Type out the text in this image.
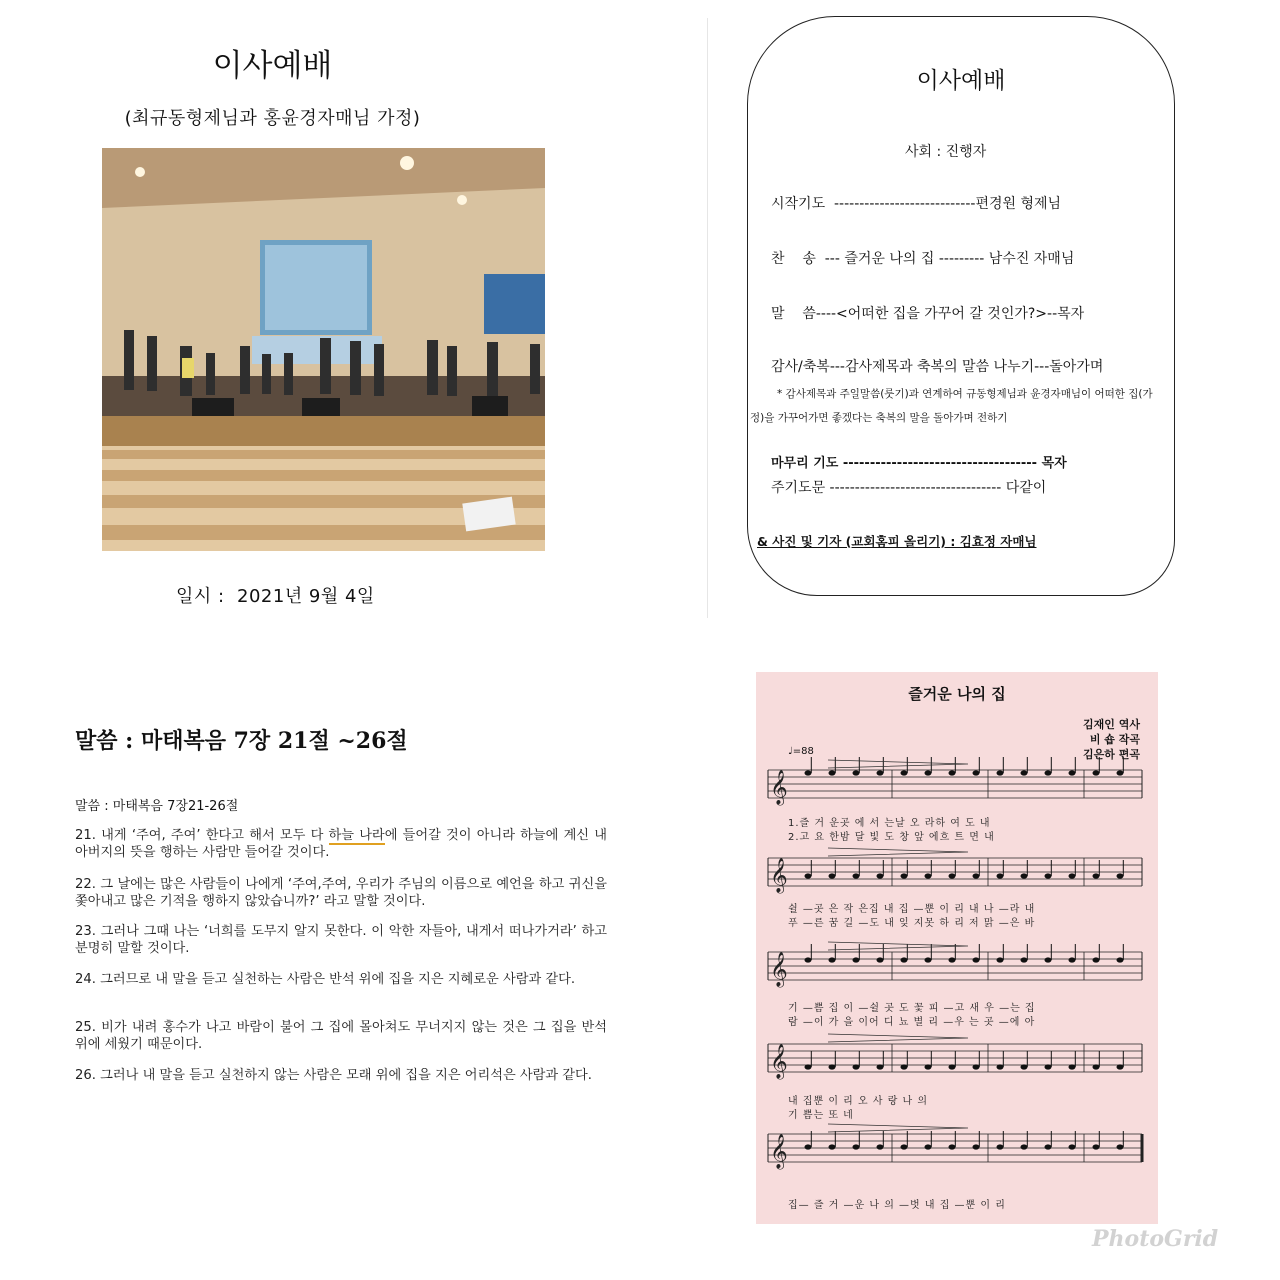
이사예배
(최규동형제님과 홍윤경자매님 가정)
일시 :  2021년 9월 4일
이사예배
사회 : 진행자
시작기도  ----------------------------편경원 형제님
찬    송  --- 즐거운 나의 집 --------- 남수진 자매님
말    씀----<어떠한 집을 가꾸어 갈 것인가?>--목자
감사/축복---감사제목과 축복의 말씀 나누기---돌아가며
* 감사제목과 주일말씀(룻기)과 연계하여 규동형제님과 윤경자매님이 어떠한 집(가
정)을 가꾸어가면 좋겠다는 축복의 말을 돌아가며 전하기
마무리 기도 ------------------------------------ 목자
주기도문 ---------------------------------- 다같이
& 사진 및 기자 (교회홈피 올리기) : 김효정 자매님
말씀 : 마태복음 7장 21절 ~26절
말씀 : 마태복음 7장21-26절
21. 내게 ‘주여, 주여’ 한다고 해서 모두 다 하늘 나라에 들어갈 것이 아니라 하늘에 계신 내 아버지의 뜻을 행하는 사람만 들어갈 것이다.
22. 그 날에는 많은 사람들이 나에게 ‘주여,주여, 우리가 주님의 이름으로 예언을 하고 귀신을 쫓아내고 많은 기적을 행하지 않았습니까?’ 라고 말할 것이다.
23. 그러나 그때 나는 ‘너희를 도무지 알지 못한다. 이 악한 자들아, 내게서 떠나가거라’ 하고 분명히 말할 것이다.
24. 그러므로 내 말을 듣고 실천하는 사람은 반석 위에 집을 지은 지혜로운 사람과 같다.
25. 비가 내려 홍수가 나고 바람이 불어 그 집에 몰아쳐도 무너지지 않는 것은 그 집을 반석 위에 세웠기 때문이다.
26. 그러나 내 말을 듣고 실천하지 않는 사람은 모래 위에 집을 지은 어리석은 사람과 같다.
𝄞
𝄞
𝄞
𝄞
𝄞
즐거운 나의 집
김재인 역사
비 숍 작곡
김은하 편곡
♩=88
1.즐 거 운곳 에 서 는날 오 라하 여 도 내
2.고 요 한밤 달 빛 도 창 앞 에흐 트 면 내
쉴 —곳 은 작 은집 내 집 —뿐 이 리 내 나 —라 내
푸 —른 꿈 길 —도 내 잊 지못 하 리 저 맑 —은 바
기 —쁨 집 이 —쉴 곳 도 꽃 피 —고 새 우 —는 집
람 —이 가 을 이어 디 뇨 별 리 —우 는 곳 —에 아
내 집뿐 이 리 오 사 랑 나 의
기 쁨는 또 네
집— 즐 거 —운 나 의 —벗 내 집 —뿐 이 리
PhotoGrid
